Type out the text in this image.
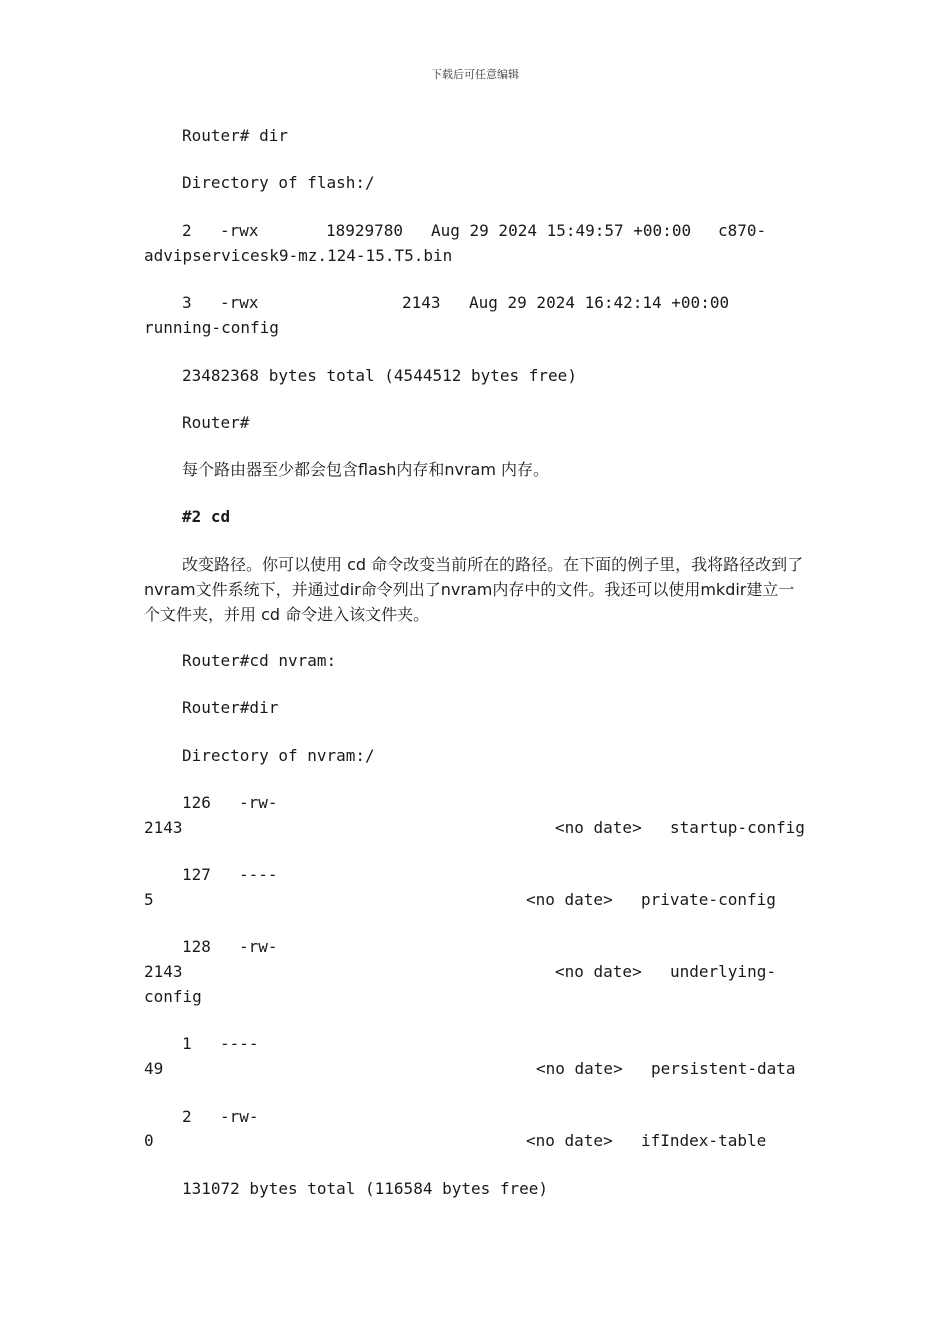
下载后可任意编辑
Router# dir
Directory of flash:/
2 -rwx	18929780 Aug 29 2024 15:49:57 +00:00 c870-
advipservicesk9-mz.124-15.T5.bin
3 -rwx	2143 Aug 29 2024 16:42:14 +00:00
running-config
23482368 bytes total (4544512 bytes free)
Router#
每个路由器至少都会包含flash内存和nvram 内存。
#2 cd
改变路径。你可以使用 cd 命令改变当前所在的路径。在下面的例子里，我将路径改到了nvram文件系统下，并通过dir命令列出了nvram内存中的文件。我还可以使用mkdir建立一个文件夹，并用 cd 命令进入该文件夹。
Router#cd nvram:
Router#dir
Directory of nvram:/
126 -rw-
2143	<no date> startup-config
127 ----
5	<no date> private-config
128 -rw-
2143	<no date> underlying-
config
1 ----
49	<no date> persistent-data
2 -rw-
0	<no date> ifIndex-table
131072 bytes total (116584 bytes free)
